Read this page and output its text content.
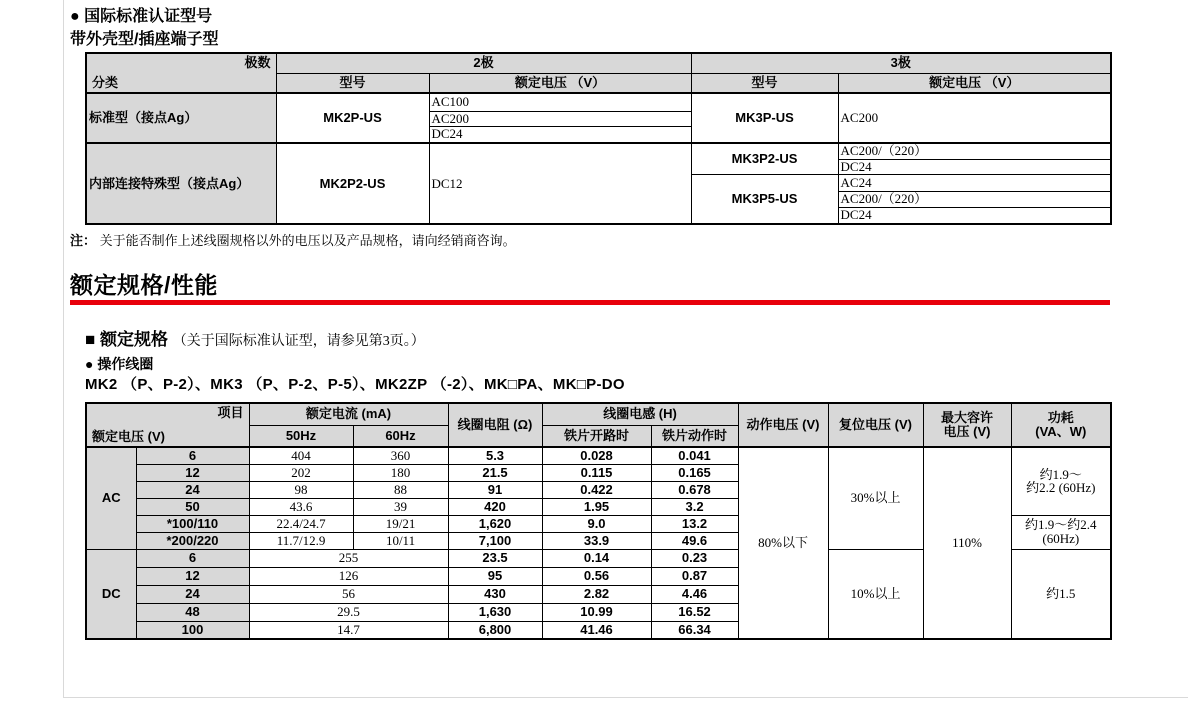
● 国际标准认证型号
带外壳型/插座端子型
极数
分类	2极		3极	
	型号	额定电压 （V）	型号	额定电压 （V）
标准型（接点Ag）	MK2P-US	AC100	MK3P-US	AC200
		AC200		
		DC24		
内部连接特殊型（接点Ag）	MK2P2-US	DC12	MK3P2-US	AC200/（220）
				DC24
			MK3P5-US	AC24
				AC200/（220）
				DC24
注： 关于能否制作上述线圈规格以外的电压以及产品规格，请向经销商咨询。
额定规格/性能
■ 额定规格 （关于国际标准认证型，请参见第3页。）
● 操作线圈
MK2 （P、P-2）、MK3 （P、P-2、P-5）、MK2ZP （-2）、MK□PA、MK□P-DO
项目
额定电压 (V)		额定电流 (mA)		线圈电阻 (Ω)	线圈电感 (H)		动作电压 (V)	复位电压 (V)	最大容许
电压 (V)	功耗
(VA、W)

		50Hz	60Hz		铁片开路时	铁片动作时				
AC	6	404	360	5.3	0.028	0.041	80%以下	30%以上	110%	约1.9～
约2.2 (60Hz)

	12	202	180	21.5	0.115	0.165				
	24	98	88	91	0.422	0.678				
	50	43.6	39	420	1.95	3.2				
	*100/110	22.4/24.7	19/21	1,620	9.0	13.2				约1.9～约2.4
(60Hz)

	*200/220	11.7/12.9	10/11	7,100	33.9	49.6				
DC	6	255		23.5	0.14	0.23		10%以上		约1.5
	12	126		95	0.56	0.87				
	24	56		430	2.82	4.46				
	48	29.5		1,630	10.99	16.52				
	100	14.7		6,800	41.46	66.34				
